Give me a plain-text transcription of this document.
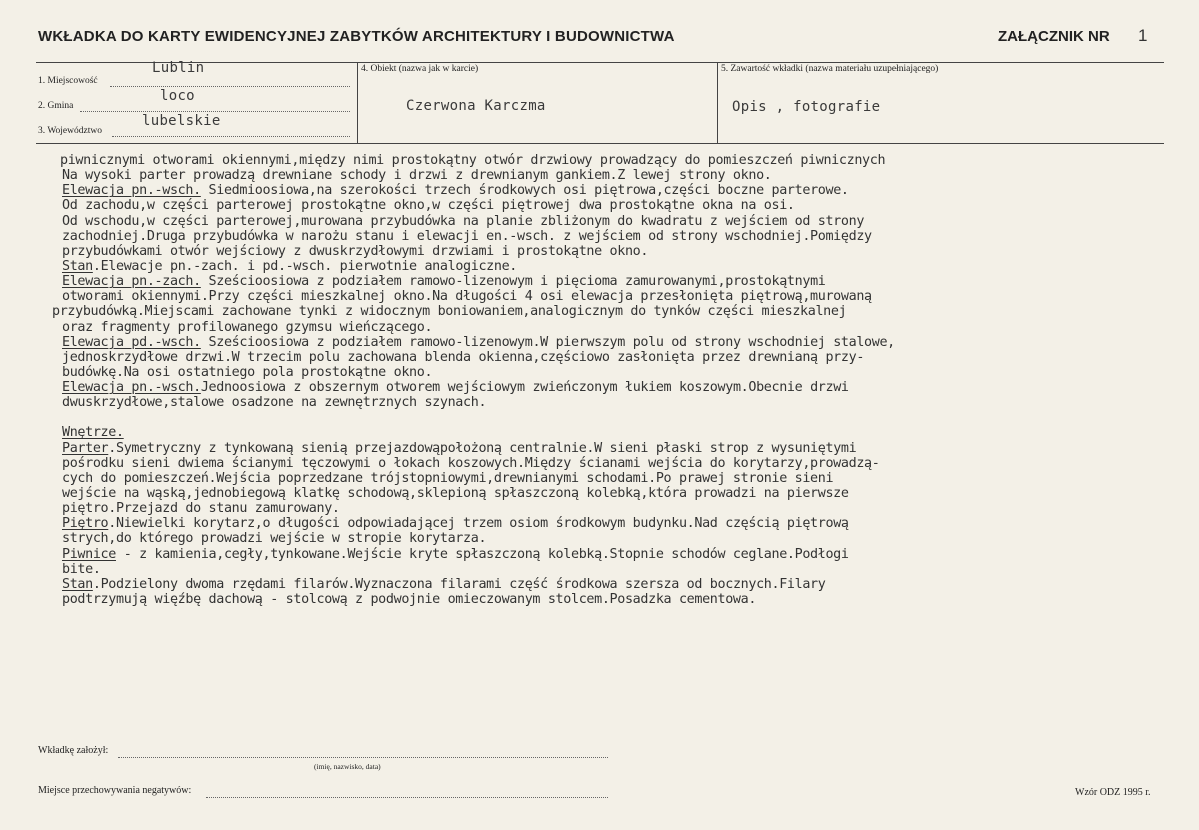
WKŁADKA DO KARTY EWIDENCYJNEJ ZABYTKÓW ARCHITEKTURY I BUDOWNICTWA	ZAŁĄCZNIK NR 1
Lublin
1. Miejscowość
loco
2. Gmina
lubelskie
3. Województwo
4. Obiekt (nazwa jak w karcie)
Czerwona Karczma
5. Zawartość wkładki (nazwa materiału uzupełniającego)
Opis , fotografie
piwnicznymi otworami okiennymi,między nimi prostokątny otwór drzwiowy prowadzący do pomieszczeń piwnicznych
Na wysoki parter prowadzą drewniane schody i drzwi z drewnianym gankiem.Z lewej strony okno.
Elewacja pn.-wsch. Siedmioosiowa,na szerokości trzech środkowych osi piętrowa,części boczne parterowe.
Od zachodu,w części parterowej prostokątne okno,w części piętrowej dwa prostokątne okna na osi.
Od wschodu,w części parterowej,murowana przybudówka na planie zbliżonym do kwadratu z wejściem od strony
zachodniej.Druga przybudówka w narożu stanu i elewacji en.-wsch. z wejściem od strony wschodniej.Pomiędzy
przybudówkami otwór wejściowy z dwuskrzydłowymi drzwiami i prostokątne okno.
Stan.Elewacje pn.-zach. i pd.-wsch. pierwotnie analogiczne.
Elewacja pn.-zach. Sześcioosiowa z podziałem ramowo-lizenowym i pięcioma zamurowanymi,prostokątnymi
otworami okiennymi.Przy części mieszkalnej okno.Na długości 4 osi elewacja przesłonięta piętrową,murowaną
przybudówką.Miejscami zachowane tynki z widocznym boniowaniem,analogicznym do tynków części mieszkalnej
oraz fragmenty profilowanego gzymsu wieńczącego.
Elewacja pd.-wsch. Sześcioosiowa z podziałem ramowo-lizenowym.W pierwszym polu od strony wschodniej stalowe,
jednoskrzydłowe drzwi.W trzecim polu zachowana blenda okienna,częściowo zasłonięta przez drewnianą przy-
budówkę.Na osi ostatniego pola prostokątne okno.
Elewacja pn.-wsch.Jednoosiowa z obszernym otworem wejściowym zwieńczonym łukiem koszowym.Obecnie drzwi
dwuskrzydłowe,stalowe osadzone na zewnętrznych szynach.
Wnętrze.
Parter.Symetryczny z tynkowaną sienią przejazdowąpołożoną centralnie.W sieni płaski strop z wysuniętymi
pośrodku sieni dwiema ścianymi tęczowymi o łokach koszowych.Między ścianami wejścia do korytarzy,prowadzą-
cych do pomieszczeń.Wejścia poprzedzane trójstopniowymi,drewnianymi schodami.Po prawej stronie sieni
wejście na wąską,jednobiegową klatkę schodową,sklepioną spłaszczoną kolebką,która prowadzi na pierwsze
piętro.Przejazd do stanu zamurowany.
Piętro.Niewielki korytarz,o długości odpowiadającej trzem osiom środkowym budynku.Nad częścią piętrową
strych,do którego prowadzi wejście w stropie korytarza.
Piwnice - z kamienia,cegły,tynkowane.Wejście kryte spłaszczoną kolebką.Stopnie schodów ceglane.Podłogi
bite.
Stan.Podzielony dwoma rzędami filarów.Wyznaczona filarami część środkowa szersza od bocznych.Filary
podtrzymują więźbę dachową - stolcową z podwojnie omieczowanym stolcem.Posadzka cementowa.
Wkładkę założył:
(imię, nazwisko, data)
Miejsce przechowywania negatywów:	Wzór ODZ 1995 r.
